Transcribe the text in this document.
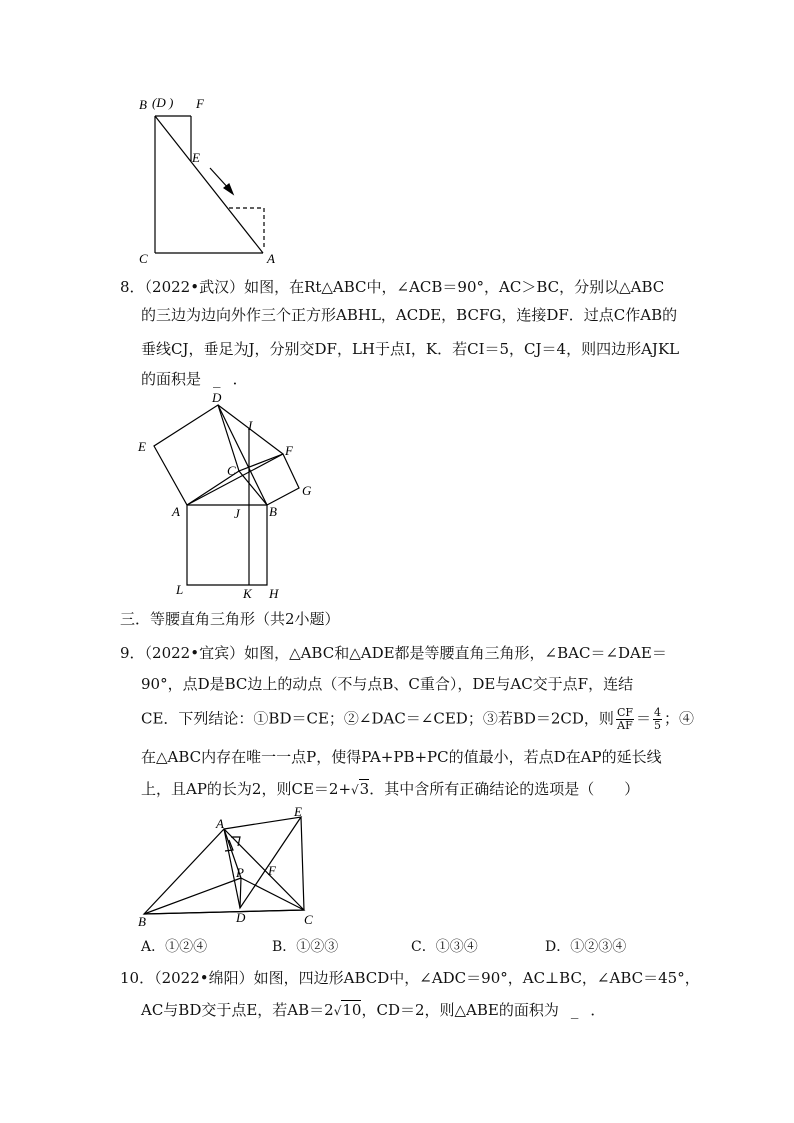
B (D ) F
E
C	A
8．（2022•武汉）如图，在Rt△ABC中，∠ACB＝90°，AC＞BC，分别以△ABC
的三边为边向外作三个正方形ABHL，ACDE，BCFG，连接DF．过点C作AB的
垂线CJ，垂足为J，分别交DF，LH于点I，K．若CI＝5，CJ＝4，则四边形AJKL
的面积是 _ ．
D
I
E	F
C
G
A	J B
L	K H
三．等腰直角三角形（共2小题）
9．（2022•宜宾）如图，△ABC和△ADE都是等腰直角三角形，∠BAC＝∠DAE＝
90°，点D是BC边上的动点（不与点B、C重合），DE与AC交于点F，连结
CE．下列结论：①BD＝CE；②∠DAC＝∠CED；③若BD＝2CD，则 $\frac{CF}{AF} = \frac{4}{5}$ ；④
在△ABC内存在唯一一点P，使得PA+PB+PC的值最小，若点D在AP的延长线
上，且AP的长为2，则CE＝2+√3．其中含所有正确结论的选项是（　　）
A
E
P F
B	D	C
A．①②④	B．①②③	C．①③④	D．①②③④
10．（2022•绵阳）如图，四边形ABCD中，∠ADC＝90°，AC⊥BC，∠ABC＝45°，
AC与BD交于点E，若AB＝2√10，CD＝2，则△ABE的面积为 _ ．
